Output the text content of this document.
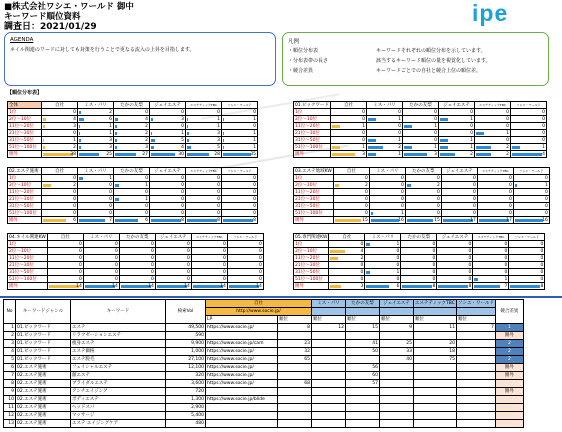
■株式会社ワシエ・ワールド 御中
キーワード順位資料
調査日：2021/01/29
ipe
AGENDA
ネイル関連のワードに対しても対策を行うことで更なる流入の上昇を目指します。
凡例
・順位分布表	キーワードそれぞれの順位分布を示しています。
・分布表帯の長さ	該当するキーワード順位の量を視覚化しています。
・競合差異	キーワードごとでの自社と競合上位の順位差。
【順位分布表】
全体	自社	ミス・パリ	たかの友梨	ジェイエステ	エステティックTBC	ソシエ・ワールド
1位	0	2	0	0	0	0
2位〜10位	4	6	4	3	1	1
11位〜20位	3	1	2	0	1	0
21位〜30位	0	1	2	1	3	1
31位〜50位	1	3	2	5	3	1
51位〜100位	2	3	3	4	5	1
圏外	38	25	27	30	28	35
01.ピックワード	自社	ミス・パリ	たかの友梨	ジェイエステ	エステティックTBC	ソシエ・ワールド
1位	0	0	0	0	0	0
2位〜10位	0	1	0	1	0	0
11位〜20位	1	0	1	0	0	0
21位〜30位	0	0	0	0	1	0
31位〜50位	0	1	0	1	0	0
51位〜100位	1	2	1	1	2	1
圏外	3	1	3	2	2	4
02.エステ施術	自社	ミス・パリ	たかの友梨	ジェイエステ	エステティックTBC	ソシエ・ワールド
1位	0	1	0	0	0	0
2位〜10位	2	0	1	0	0	0
11位〜20位	0	0	0	0	0	0
21位〜30位	0	0	1	0	0	0
31位〜50位	0	0	0	0	0	0
51位〜100位	0	0	0	0	0	0
圏外	6	7	6	8	8	8
03.エステ地域KW	自社	ミス・パリ	たかの友梨	ジェイエステ	エステティックTBC	ソシエ・ワールド
1位	0	0	0	0	0	0
2位〜10位	2	0	2	0	0	1
11位〜20位	0	0	0	0	0	0
21位〜30位	0	0	0	0	0	0
31位〜50位	0	0	0	0	0	0
51位〜100位	0	1	0	0	0	0
圏外	15	16	15	17	17	16
04.ネイル関連KW	自社	ミス・パリ	たかの友梨	ジェイエステ	エステティックTBC	ソシエ・ワールド
1位	0	0	0	0	0	0
2位〜10位	0	0	0	0	0	0
11位〜20位	0	0	0	0	0	0
21位〜30位	0	0	0	0	0	0
31位〜50位	0	0	0	0	0	0
51位〜100位	0	0	0	0	0	0
圏外	14	14	14	14	14	14
05.専門関連KW	自社	ミス・パリ	たかの友梨	ジェイエステ	エステティックTBC	ソシエ・ワールド
1位	0	1	0	0	0	0
2位〜10位	4	0	0	0	0	0
11位〜20位	2	0	0	0	0	0
21位〜30位	0	0	0	0	0	0
31位〜50位	0	1	0	0	0	0
51位〜100位	0	0	0	0	1	0
圏外	3	6	8	8	7	8
No	キーワードジャンル	キーワード	検索Vol	自社		ミス・パリ	たかの友梨	ジェイエステ	エステティックTBC	ソシエ・ワールド	競合差異
				http://www.socie.jp/							
				LP	順位	順位	順位	順位	順位	順位	
1	01.ビックワード	エステ	49,500	https://www.socie.jp/	8	12	15	9	11	7	1
2	01.ビックワード	リラクゼーションエステ	590								圏外
3	01.ビックワード	痩身エステ	9,900	https://www.socie.jp/cam	23		41	25	20		2
4	01.ビックワード	エステ価格	1,000	https://www.socie.jp/	32		50	33	18		2
5	01.ビックワード	エステ脱毛	27,100	https://www.socie.jp/	65			40	75		2
6	02.エステ施術	フェイシャルエステ	12,100	https://www.socie.jp/			56				圏外
7	02.エステ施術	顔エステ	320	https://www.socie.jp/			60				圏外
8	02.エステ施術	ブライダルエステ	3,600	https://www.socie.jp/	68		57				
9	02.エステ施術	アンチエイジング	720								圏外
10	02.エステ施術	ボディエステ	1,300	https://www.socie.jp/blide							
11	02.エステ施術	ヘッドスパ	2,900								
12	02.エステ施術	マッサージ	5,400								
13	02.エステ施術	エステ エイジングケア	480								
